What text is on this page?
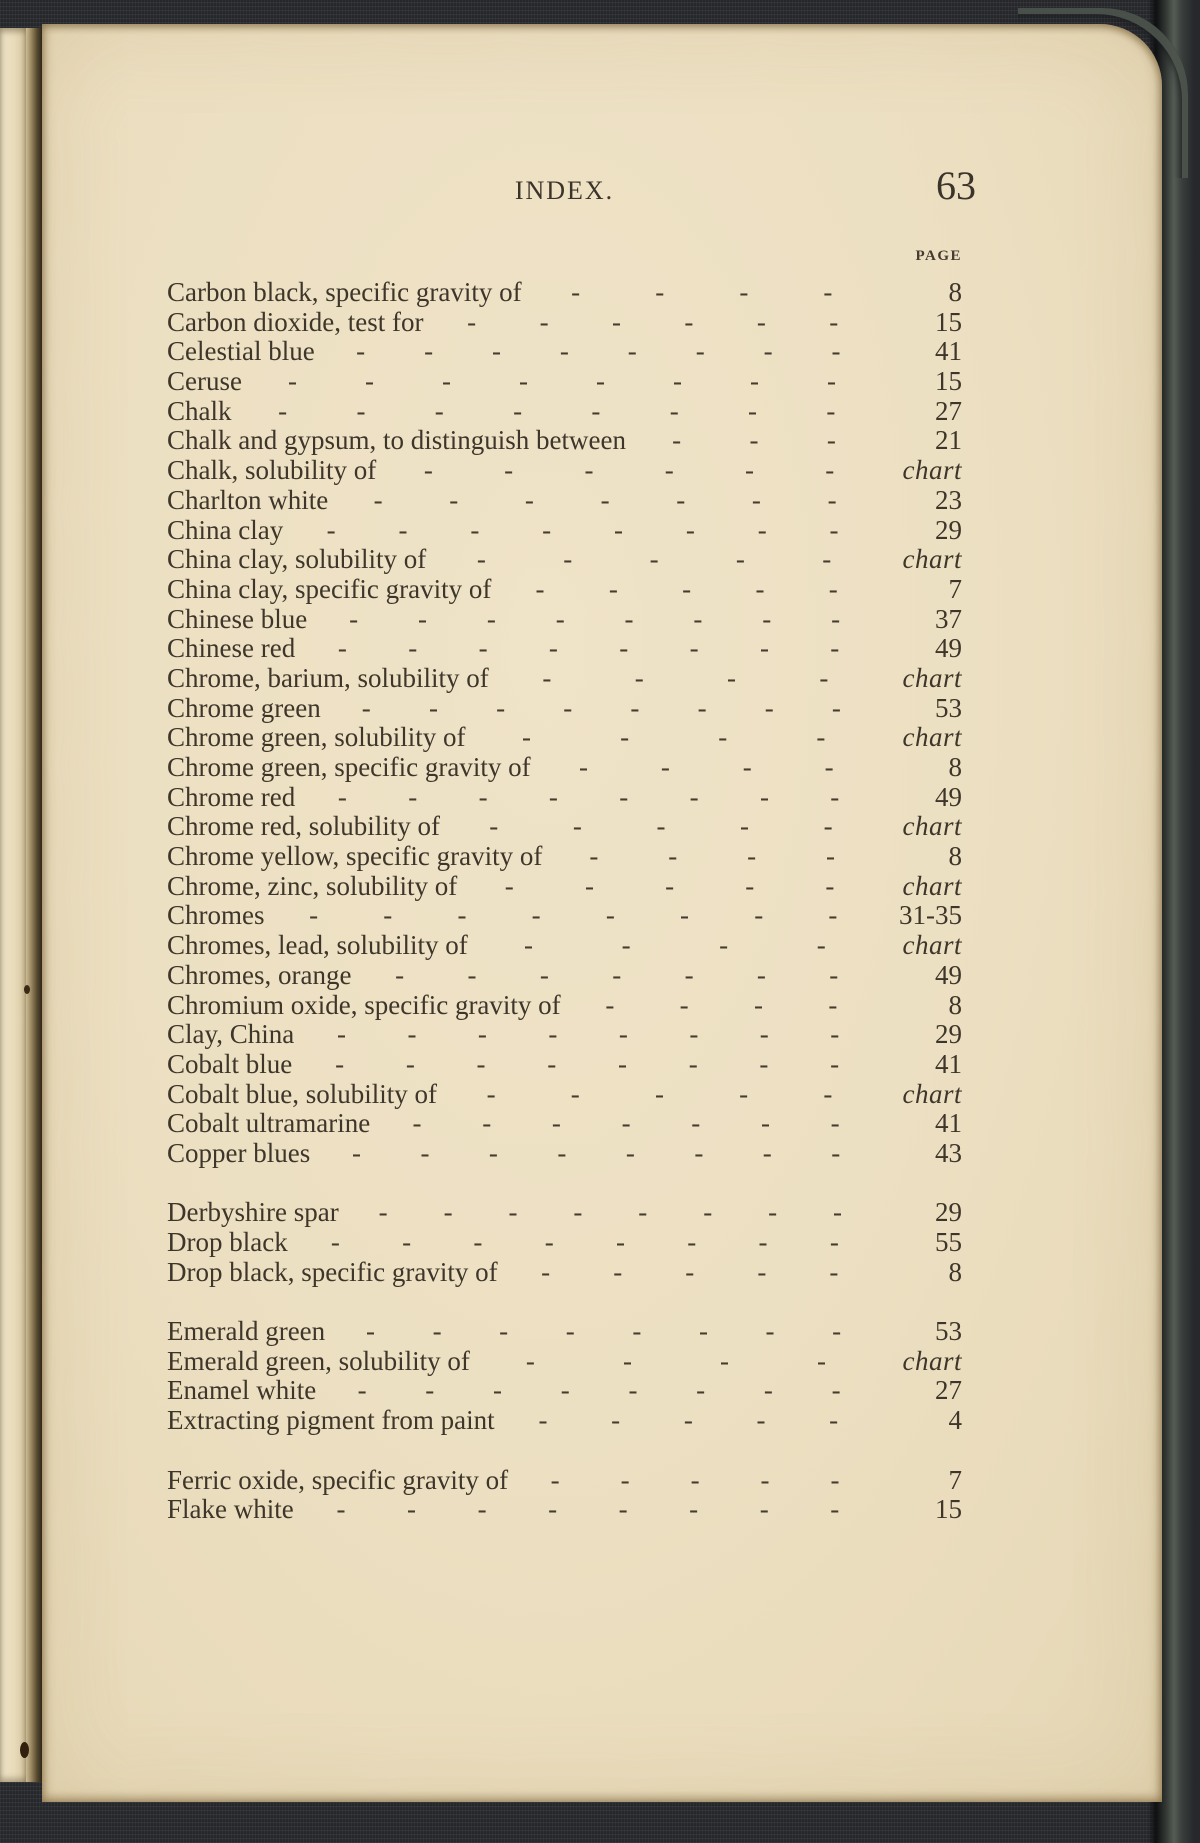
INDEX.	63
PAGE
Carbon black, specific gravity of	-	-	-	-	8
Carbon dioxide, test for	- - - - - -	15
Celestial blue	- - - - - - - -	41
Ceruse	-	-	-	-	-	-	-	-	15
Chalk	-	-	-	-	-	-	-	-	27
Chalk and gypsum, to distinguish between	-	-	-	21
Chalk, solubility of	-	-	-	-	-	-	chart
Charlton white	- - - - - - -	23
China clay	- - - - - - - -	29
China clay, solubility of	-	-	-	-	-	chart
China clay, specific gravity of	- - - - -	7
Chinese blue	- - - - - - - -	37
Chinese red	- - - - - - - -	49
Chrome, barium, solubility of	-	-	-	-	chart
Chrome green	- - - - - - - -	53
Chrome green, solubility of	-	-	-	-	chart
Chrome green, specific gravity of	-	-	-	-	8
Chrome red	- - - - - - - -	49
Chrome red, solubility of	-	-	-	-	-	chart
Chrome yellow, specific gravity of	-	-	-	-	8
Chrome, zinc, solubility of	-	-	-	-	-	chart
Chromes	- - - - - - - -	31-35
Chromes, lead, solubility of	-	-	-	-	chart
Chromes, orange	- - - - - - -	49
Chromium oxide, specific gravity of	- - - -	8
Clay, China	- - - - - - - -	29
Cobalt blue	- - - - - - - -	41
Cobalt blue, solubility of	-	-	-	-	-	chart
Cobalt ultramarine	- - - - - - -	41
Copper blues	- - - - - - - -	43
Derbyshire spar	- - - - - - - -	29
Drop black	- - - - - - - -	55
Drop black, specific gravity of	- - - - -	8
Emerald green	- - - - - - - -	53
Emerald green, solubility of	-	-	-	-	chart
Enamel white	- - - - - - - -	27
Extracting pigment from paint	- - - - -	4
Ferric oxide, specific gravity of	- - - - -	7
Flake white	- - - - - - - -	15
